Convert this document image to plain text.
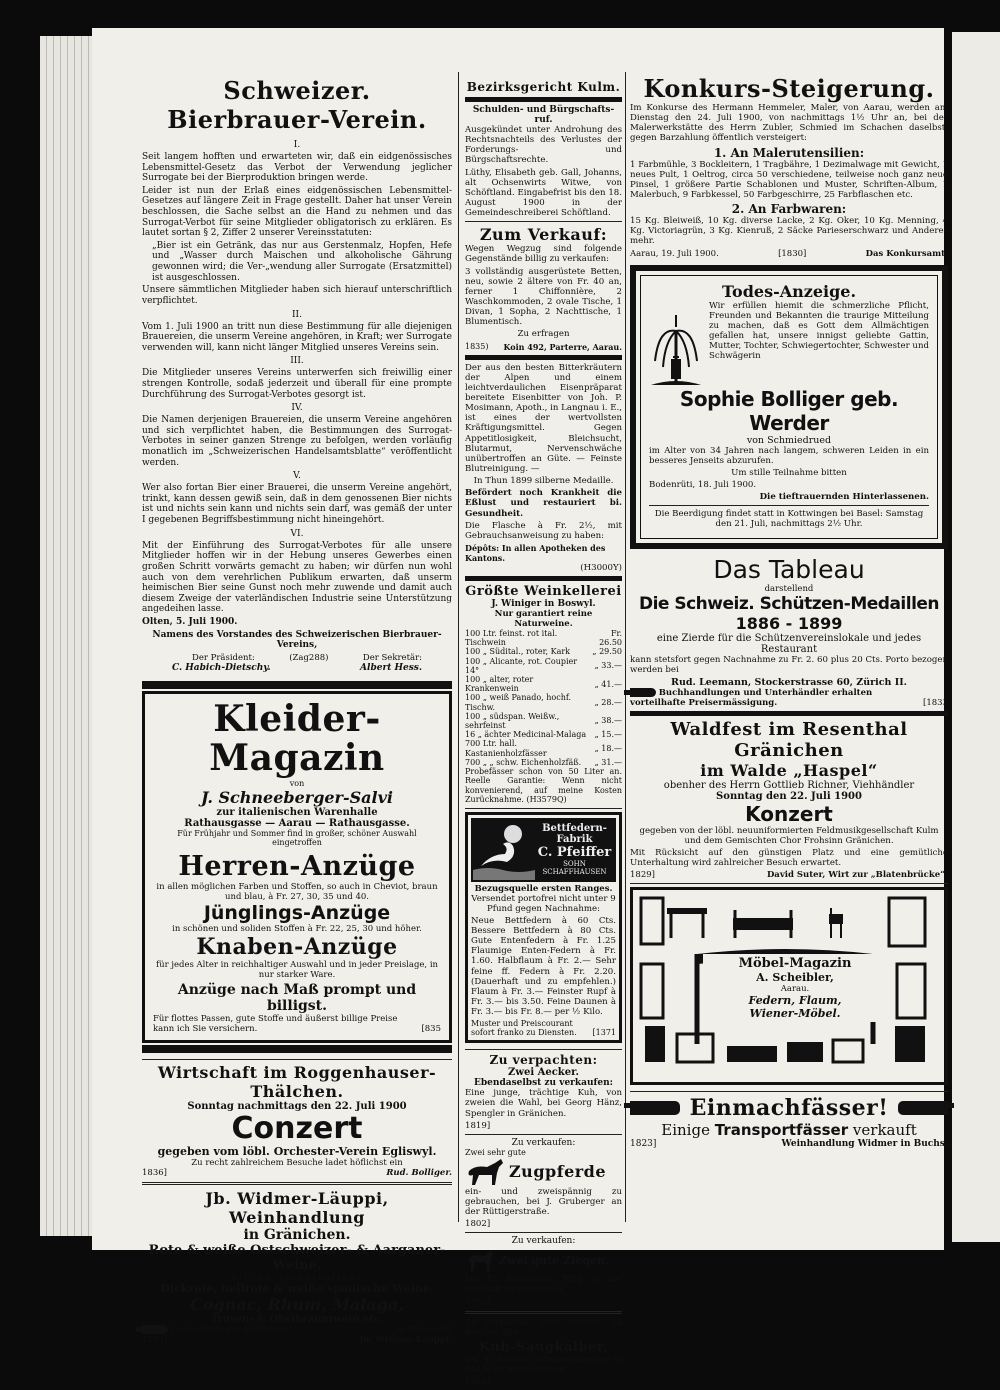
Schweizer. Bierbrauer-Verein.
I.

Seit langem hofften und erwarteten wir, daß ein eidgenössisches Lebensmittel-Gesetz das Verbot der Verwendung jeglicher Surrogate bei der Bierproduktion bringen werde.

Leider ist nun der Erlaß eines eidgenössischen Lebensmittel-Gesetzes auf längere Zeit in Frage gestellt. Daher hat unser Verein beschlossen, die Sache selbst an die Hand zu nehmen und das Surrogat-Verbot für seine Mitglieder obligatorisch zu erklären. Es lautet sortan § 2, Ziffer 2 unserer Vereinsstatuten:

„Bier ist ein Getränk, das nur aus Gerstenmalz, Hopfen, Hefe und „Wasser durch Maischen und alkoholische Gährung gewonnen wird; die Ver-„wendung aller Surrogate (Ersatzmittel) ist ausgeschlossen.

Unsere sämmtlichen Mitglieder haben sich hierauf unterschriftlich verpflichtet.

II.

Vom 1. Juli 1900 an tritt nun diese Bestimmung für alle diejenigen Brauereien, die unserm Vereine angehören, in Kraft; wer Surrogate verwenden will, kann nicht länger Mitglied unseres Vereins sein.

III.

Die Mitglieder unseres Vereins unterwerfen sich freiwillig einer strengen Kontrolle, sodaß jederzeit und überall für eine prompte Durchführung des Surrogat-Verbotes gesorgt ist.

IV.

Die Namen derjenigen Brauereien, die unserm Vereine angehören und sich verpflichtet haben, die Bestimmungen des Surrogat-Verbotes in seiner ganzen Strenge zu befolgen, werden vorläufig monatlich im „Schweizerischen Handelsamtsblatte“ veröffentlicht werden.

V.

Wer also fortan Bier einer Brauerei, die unserm Vereine angehört, trinkt, kann dessen gewiß sein, daß in dem genossenen Bier nichts ist und nichts sein kann und nichts sein darf, was gemäß der unter I gegebenen Begriffsbestimmung nicht hineingehört.

VI.

Mit der Einführung des Surrogat-Verbotes für alle unsere Mitglieder hoffen wir in der Hebung unseres Gewerbes einen großen Schritt vorwärts gemacht zu haben; wir dürfen nun wohl auch von dem verehrlichen Publikum erwarten, daß unserm heimischen Bier seine Gunst noch mehr zuwende und damit auch diesem Zweige der vaterländischen Industrie seine Unterstützung angedeihen lasse.

Olten, 5. Juli 1900.

Namens des Vorstandes des Schweizerischen Bierbrauer-Vereins,

Der Präsident:	(Zag288)	Der Sekretär:
C. Habich-Dietschy.	Albert Hess.
Kleider-Magazin
von
J. Schneeberger-Salvi
zur italienischen Warenhalle
Rathausgasse — Aarau — Rathausgasse.
Für Frühjahr und Sommer find in großer, schöner Auswahl eingetroffen
Herren-Anzüge
in allen möglichen Farben und Stoffen, so auch in Cheviot, braun und blau, à Fr. 27, 30, 35 und 40.
Jünglings-Anzüge
in schönen und soliden Stoffen à Fr. 22, 25, 30 und höher.
Knaben-Anzüge
für jedes Alter in reichhaltiger Auswahl und in jeder Preislage, in nur starker Ware.
Anzüge nach Maß prompt und billigst.
Für flottes Passen, gute Stoffe und äußerst billige Preise kann ich Sie versichern.	[835
Wirtschaft im Roggenhauser-Thälchen.
Sonntag nachmittags den 22. Juli 1900
Conzert
gegeben vom löbl. Orchester-Verein Egliswyl.
Zu recht zahlreichem Besuche ladet höflichst ein
1836]	Rud. Bolliger.
Jb. Widmer-Läuppi, Weinhandlung
in Gränichen.
Rote & weiße Ostschweizer- & Aarganer-Weine.
Billige, reingehaltene
Dickrote, hellrote & weiße spanische Weine.
Cognac, Rhum, Malaga,
Trusen- & Obstbranntwein etc.
Leihgebinde zur Verfügung!	Achtungsvoll
1783]	Jb. Widmer-Läuppi.
Bezirksgericht Kulm.
Schulden- und Bürgschafts-ruf.

Ausgekündet unter Androhung des Rechtsnachteils des Verlustes der Forderungs- und Bürgschaftsrechte.

Lüthy, Elisabeth geb. Gall, Johanns, alt Ochsenwirts Witwe, von Schöftland. Eingabefrist bis den 18. August 1900 in der Gemeindeschreiberei Schöftland.

Zum Verkauf:

Wegen Wegzug sind folgende Gegenstände billig zu verkaufen:

3 vollständig ausgerüstete Betten, neu, sowie 2 ältere von Fr. 40 an, ferner 1 Chiffonnière, 2 Waschkommoden, 2 ovale Tische, 1 Divan, 1 Sopha, 2 Nachttische, 1 Blumentisch.

Zu erfragen

1835) Koin 492, Parterre, Aarau.

Der aus den besten Bitterkräutern der Alpen und einem leichtverdaulichen Eisenpräparat bereitete Eisenbitter von Joh. P. Mosimann, Apoth., in Langnau i. E., ist eines der wertvollsten Kräftigungsmittel. Gegen Appetitlosigkeit, Bleichsucht, Blutarmut, Nervenschwäche unübertroffen an Güte. — Feinste Blutreinigung. —

In Thun 1899 silberne Medaille.

Befördert noch Krankheit die Eßlust und restauriert bi. Gesundheit.

Die Flasche à Fr. 2½, mit Gebrauchsanweisung zu haben:

Dépôts: In allen Apotheken des Kantons.

(H3000Y)

Größte Weinkellerei
J. Winiger in Boswyl.
Nur garantiert reine Naturweine.
100 Ltr. feinst. rot ital. Tischwein	Fr. 26.50
100 „ Südital., roter, Kark	„ 29.50
100 „ Alicante, rot. Coupier 14°	„ 33.—
100 „ alter, roter Krankenwein	„ 41.—
100 „ weiß Panado, hochf. Tischw.	„ 28.—
100 „ südspan. Weißw., sehrfeinst	„ 38.—
16 „ ächter Medicinal-Malaga	„ 15.—
700 Ltr. hall. Kastanienholzfässer	„ 18.—
700 „ „ schw. Eichenholzfäß.	„ 31.—

Probefässer schon von 50 Liter an. Reelle Garantie: Wenn nicht konvenierend, auf meine Kosten Zurücknahme. (H3579Q)

Bettfedern-Fabrik
C. Pfeiffer
SOHN
SCHAFFHAUSEN
Bezugsquelle ersten Ranges.

Versendet portofrei nicht unter 9 Pfund gegen Nachnahme:

Neue Bettfedern à 60 Cts. Bessere Bettfedern à 80 Cts. Gute Entenfedern à Fr. 1.25 Flaumige Enten-Federn à Fr. 1.60. Halbflaum à Fr. 2.— Sehr feine ff. Federn à Fr. 2.20. (Dauerhaft und zu empfehlen.) Flaum à Fr. 3.— Feinster Rupf à Fr. 3.— bis 3.50. Feine Daunen à Fr. 3.— bis Fr. 8.— per ½ Kilo.

Muster und Preiscourant sofort franko zu Diensten.	[1371
Zu verpachten:
Zwei Aecker.
Ebendaselbst zu verkaufen:

Eine junge, trächtige Kuh, von zweien die Wahl, bei Georg Hänz, Spengler in Gränichen.

1819]

Zu verkaufen:
Zwei sehr gute
Zugpferde

ein- und zweispännig zu gebrauchen, bei J. Gruberger an der Rüttigerstraße.

1802]

Zu verkaufen:
Zwei gute Ziegen,

bei Fr. Kaufmann, Bifig in der Vorstadt zu Gränichen.

1796]

Zu verkaufen: Zwei schöne, 14 Wochen alte

Kuh-Saugkälber,

bei Al. Müller, Schmiedemeister in Walde zu Schmiedrued.

1808]

Konkurs-Steigerung.

Im Konkurse des Hermann Hemmeler, Maler, von Aarau, werden am Dienstag den 24. Juli 1900, von nachmittags 1½ Uhr an, bei der Malerwerkstätte des Herrn Zubler, Schmied im Schachen daselbst, gegen Barzahlung öffentlich versteigert:

1. An Malerutensilien:

1 Farbmühle, 3 Bockleitern, 1 Tragbähre, 1 Dezimalwage mit Gewicht, 1 neues Pult, 1 Oeltrog, circa 50 verschiedene, teilweise noch ganz neue Pinsel, 1 größere Partie Schablonen und Muster, Schriften-Album, 1 Malerbuch, 9 Farbkessel, 50 Farbgeschirre, 25 Farbflaschen etc.

2. An Farbwaren:

15 Kg. Bleiweiß, 10 Kg. diverse Lacke, 2 Kg. Oker, 10 Kg. Menning, 4 Kg. Victoriagrün, 3 Kg. Kienruß, 2 Säcke Parieserschwarz und Anderes mehr.

Aarau, 19. Juli 1900.	[1830]	Das Konkursamt.
Todes-Anzeige.

Wir erfüllen hiemit die schmerzliche Pflicht, Freunden und Bekannten die traurige Mitteilung zu machen, daß es Gott dem Allmächtigen gefallen hat, unsere innigst geliebte Gattin, Mutter, Tochter, Schwiegertochter, Schwester und Schwägerin

Sophie Bolliger geb. Werder
von Schmiedrued

im Alter von 34 Jahren nach langem, schweren Leiden in ein besseres Jenseits abzurufen.

Um stille Teilnahme bitten

Bodenrüti, 18. Juli 1900.

Die tieftrauernden Hinterlassenen.

Die Beerdigung findet statt in Kottwingen bei Basel: Samstag den 21. Juli, nachmittags 2½ Uhr.

Das Tableau
darstellend
Die Schweiz. Schützen-Medaillen
1886 - 1899
eine Zierde für die Schützenvereinslokale und jedes Restaurant

kann stetsfort gegen Nachnahme zu Fr. 2. 60 plus 20 Cts. Porto bezogen werden bei

Rud. Leemann, Stockerstrasse 60, Zürich II.
Buchhandlungen und Unterhändler erhalten vorteilhafte Preisermässigung.	[1833
Waldfest im Resenthal Gränichen
im Walde „Haspel“
obenher des Herrn Gottlieb Richner, Viehhändler
Sonntag den 22. Juli 1900
Konzert

gegeben von der löbl. neuuniformierten Feldmusikgesellschaft Kulm und dem Gemischten Chor Frohsinn Gränichen.

Mit Rücksicht auf den günstigen Platz und eine gemütliche Unterhaltung wird zahlreicher Besuch erwartet.

1829]	David Suter, Wirt zur „Blatenbrücke“.
Möbel-Magazin
A. Scheibler,
Aarau.
Federn, Flaum,
Wiener-Möbel.
Einmachfässer!
Einige Transportfässer verkauft
1823]	Weinhandlung Widmer in Buchs.
